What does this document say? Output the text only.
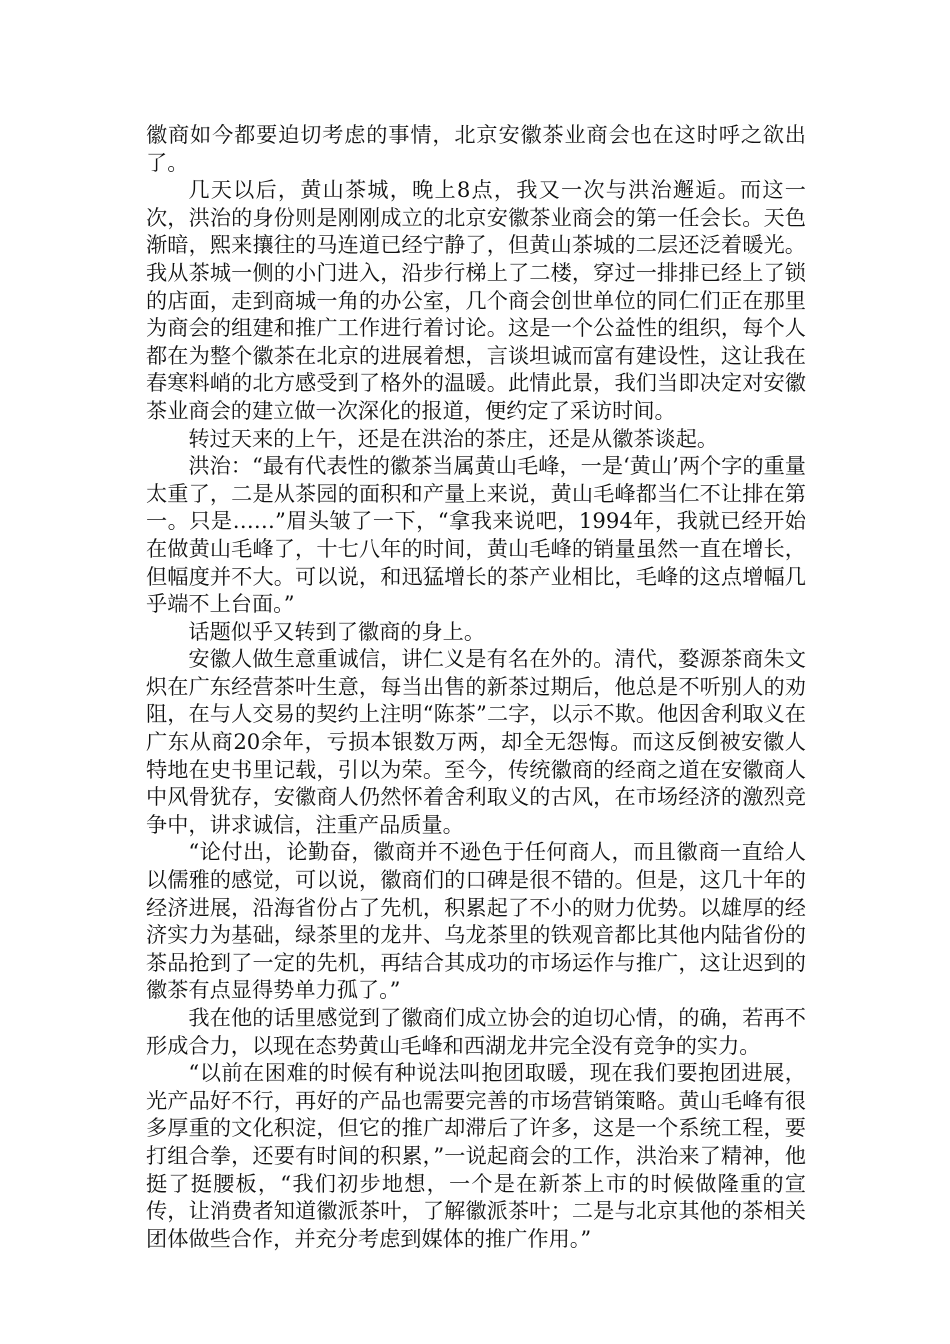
徽商如今都要迫切考虑的事情，北京安徽茶业商会也在这时呼之欲出了。

几天以后，黄山茶城，晚上8点，我又一次与洪治邂逅。而这一次，洪治的身份则是刚刚成立的北京安徽茶业商会的第一任会长。天色渐暗，熙来攘往的马连道已经宁静了，但黄山茶城的二层还泛着暖光。我从茶城一侧的小门进入，沿步行梯上了二楼，穿过一排排已经上了锁的店面，走到商城一角的办公室，几个商会创世单位的同仁们正在那里为商会的组建和推广工作进行着讨论。这是一个公益性的组织，每个人都在为整个徽茶在北京的进展着想，言谈坦诚而富有建设性，这让我在春寒料峭的北方感受到了格外的温暖。此情此景，我们当即决定对安徽茶业商会的建立做一次深化的报道，便约定了采访时间。

转过天来的上午，还是在洪治的茶庄，还是从徽茶谈起。

洪治：“最有代表性的徽茶当属黄山毛峰，一是‘黄山’两个字的重量太重了，二是从茶园的面积和产量上来说，黄山毛峰都当仁不让排在第一。只是……”眉头皱了一下，“拿我来说吧，1994年，我就已经开始在做黄山毛峰了，十七八年的时间，黄山毛峰的销量虽然一直在增长，但幅度并不大。可以说，和迅猛增长的茶产业相比，毛峰的这点增幅几乎端不上台面。”

话题似乎又转到了徽商的身上。

安徽人做生意重诚信，讲仁义是有名在外的。清代，婺源茶商朱文炽在广东经营茶叶生意，每当出售的新茶过期后，他总是不听别人的劝阻，在与人交易的契约上注明“陈茶”二字，以示不欺。他因舍利取义在广东从商20余年，亏损本银数万两，却全无怨悔。而这反倒被安徽人特地在史书里记载，引以为荣。至今，传统徽商的经商之道在安徽商人中风骨犹存，安徽商人仍然怀着舍利取义的古风，在市场经济的激烈竞争中，讲求诚信，注重产品质量。

“论付出，论勤奋，徽商并不逊色于任何商人，而且徽商一直给人以儒雅的感觉，可以说，徽商们的口碑是很不错的。但是，这几十年的经济进展，沿海省份占了先机，积累起了不小的财力优势。以雄厚的经济实力为基础，绿茶里的龙井、乌龙茶里的铁观音都比其他内陆省份的茶品抢到了一定的先机，再结合其成功的市场运作与推广，这让迟到的徽茶有点显得势单力孤了。”

我在他的话里感觉到了徽商们成立协会的迫切心情，的确，若再不形成合力，以现在态势黄山毛峰和西湖龙井完全没有竞争的实力。

“以前在困难的时候有种说法叫抱团取暖，现在我们要抱团进展，光产品好不行，再好的产品也需要完善的市场营销策略。黄山毛峰有很多厚重的文化积淀，但它的推广却滞后了许多，这是一个系统工程，要打组合拳，还要有时间的积累，”一说起商会的工作，洪治来了精神，他挺了挺腰板，“我们初步地想，一个是在新茶上市的时候做隆重的宣传，让消费者知道徽派茶叶，了解徽派茶叶；二是与北京其他的茶相关团体做些合作，并充分考虑到媒体的推广作用。”
